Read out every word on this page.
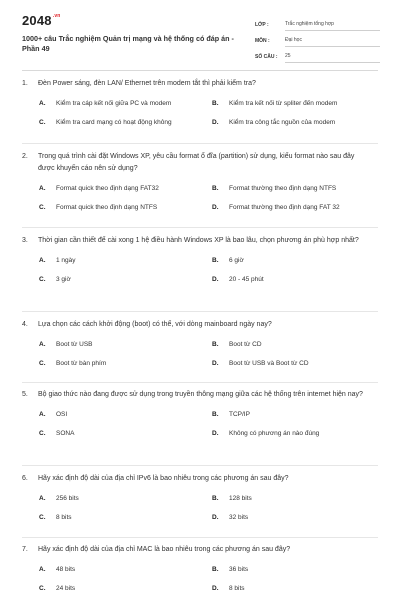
$2048^{.vn}$
1000+ câu Trắc nghiệm Quản trị mạng và hệ thống có đáp án - Phần 49
LỚP :	Trắc nghiệm tổng hợp
MÔN :	Đại học
SỐ CÂU :	25
1.	Đèn Power sáng, đèn LAN/ Ethernet trên modem tắt thì phải kiểm tra?
A.	Kiểm tra cáp kết nối giữa PC và modem	B.	Kiểm tra kết nối từ spliter đến modem
C.	Kiểm tra card mạng có hoạt động không	D.	Kiểm tra công tắc nguồn của modem
2.	Trong quá trình cài đặt Windows XP, yêu cầu format ổ đĩa (partition) sử dụng, kiểu format nào sau đây được khuyến cáo nên sử dụng?
A.	Format quick theo định dạng FAT32	B.	Format thường theo định dạng NTFS
C.	Format quick theo định dạng NTFS	D.	Format thường theo định dạng FAT 32
3.	Thời gian cần thiết để cài xong 1 hệ điều hành Windows XP là bao lâu, chọn phương án phù hợp nhất?
A.	1 ngày	B.	6 giờ
C.	3 giờ	D.	20 - 45 phút
4.	Lựa chọn các cách khởi động (boot) có thể, với dòng mainboard ngày nay?
A.	Boot từ USB	B.	Boot từ CD
C.	Boot từ bàn phím	D.	Boot từ USB và Boot từ CD
5.	Bộ giao thức nào đang được sử dụng trong truyền thông mạng giữa các hệ thống trên internet hiện nay?
A.	OSI	B.	TCP/IP
C.	SONA	D.	Không có phương án nào đúng
6.	Hãy xác định độ dài của địa chỉ IPv6 là bao nhiêu trong các phương án sau đây?
A.	256 bits	B.	128 bits
C.	8 bits	D.	32 bits
7.	Hãy xác định độ dài của địa chỉ MAC là bao nhiêu trong các phương án sau đây?
A.	48 bits	B.	36 bits
C.	24 bits	D.	8 bits
